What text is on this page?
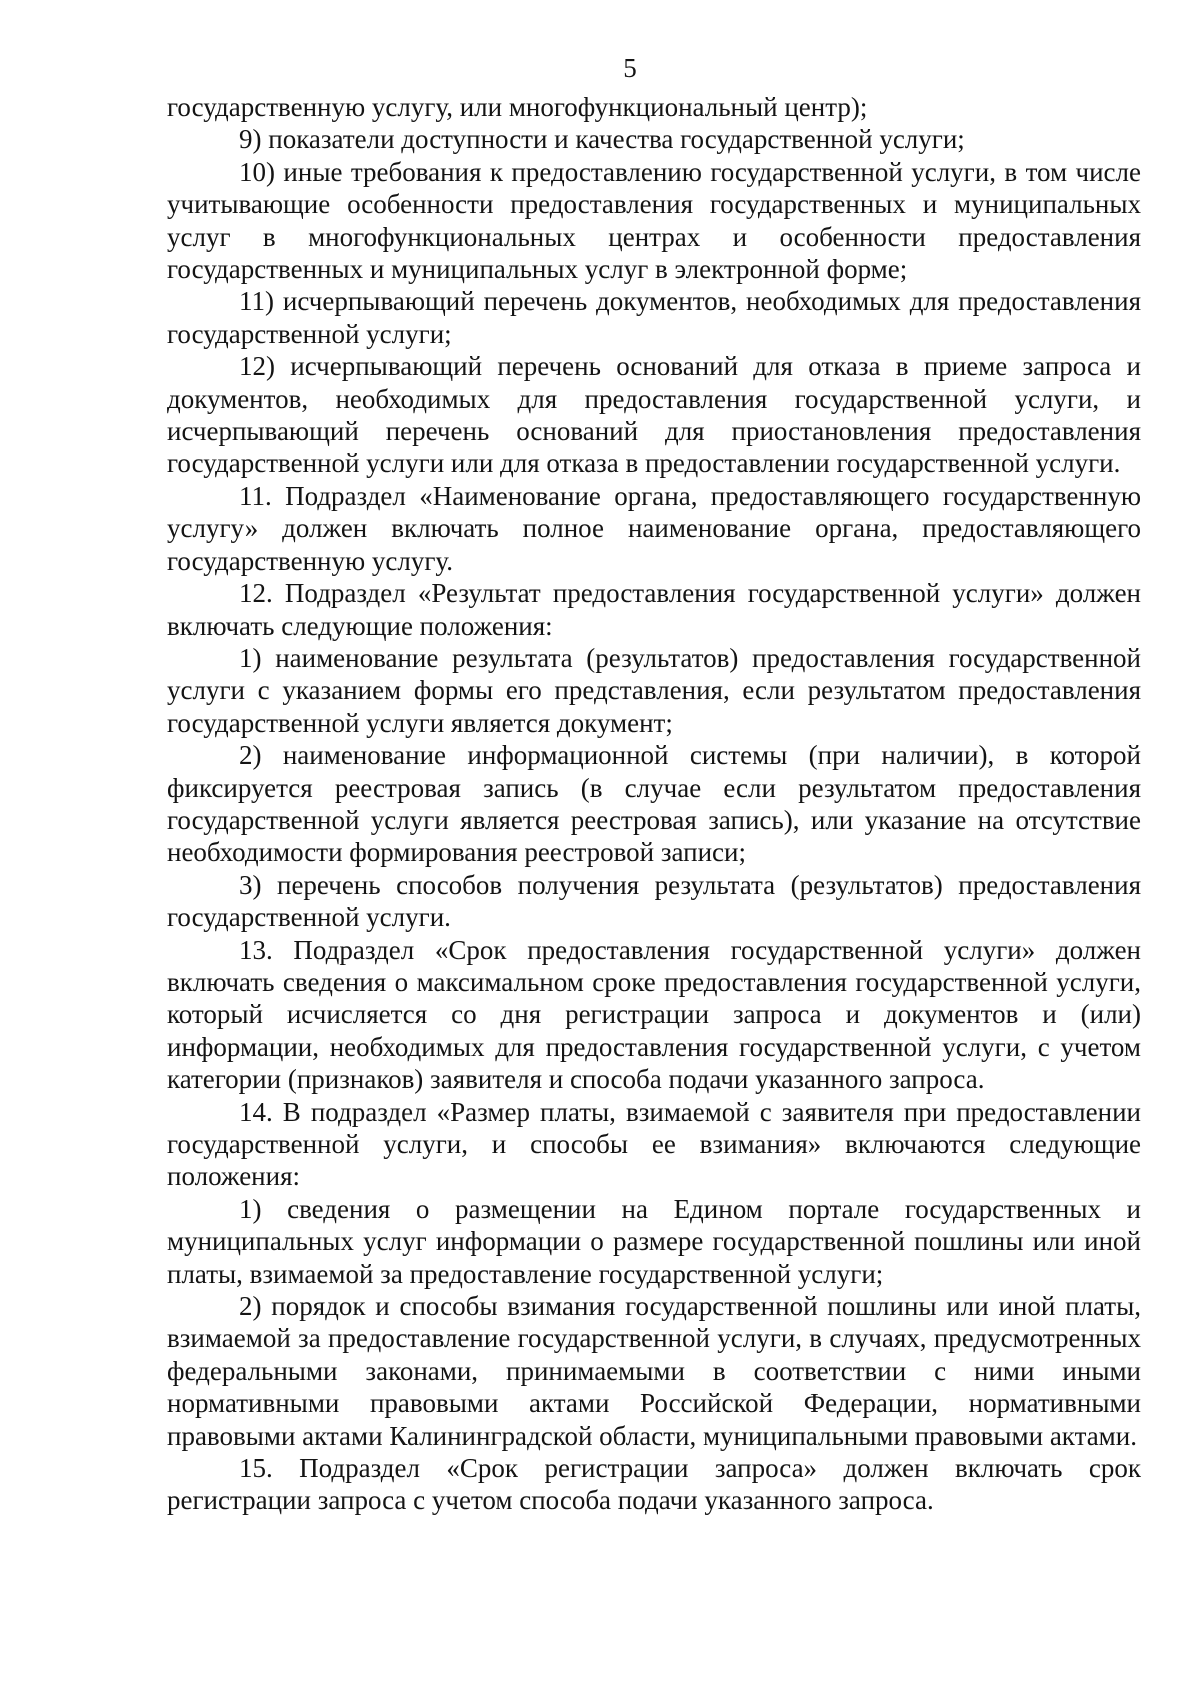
5

государственную услугу, или многофункциональный центр);

9) показатели доступности и качества государственной услуги;

10) иные требования к предоставлению государственной услуги, в том числе учитывающие особенности предоставления государственных и муниципальных услуг в многофункциональных центрах и особенности предоставления государственных и муниципальных услуг в электронной форме;

11) исчерпывающий перечень документов, необходимых для предоставления государственной услуги;

12) исчерпывающий перечень оснований для отказа в приеме запроса и документов, необходимых для предоставления государственной услуги, и исчерпывающий перечень оснований для приостановления предоставления государственной услуги или для отказа в предоставлении государственной услуги.

11. Подраздел «Наименование органа, предоставляющего государственную услугу» должен включать полное наименование органа, предоставляющего государственную услугу.

12. Подраздел «Результат предоставления государственной услуги» должен включать следующие положения:

1) наименование результата (результатов) предоставления государственной услуги с указанием формы его представления, если результатом предоставления государственной услуги является документ;

2) наименование информационной системы (при наличии), в которой фиксируется реестровая запись (в случае если результатом предоставления государственной услуги является реестровая запись), или указание на отсутствие необходимости формирования реестровой записи;

3) перечень способов получения результата (результатов) предоставления государственной услуги.

13. Подраздел «Срок предоставления государственной услуги» должен включать сведения о максимальном сроке предоставления государственной услуги, который исчисляется со дня регистрации запроса и документов и (или) информации, необходимых для предоставления государственной услуги, с учетом категории (признаков) заявителя и способа подачи указанного запроса.

14. В подраздел «Размер платы, взимаемой с заявителя при предоставлении государственной услуги, и способы ее взимания» включаются следующие положения:

1) сведения о размещении на Едином портале государственных и муниципальных услуг информации о размере государственной пошлины или иной платы, взимаемой за предоставление государственной услуги;

2) порядок и способы взимания государственной пошлины или иной платы, взимаемой за предоставление государственной услуги, в случаях, предусмотренных федеральными законами, принимаемыми в соответствии с ними иными нормативными правовыми актами Российской Федерации, нормативными правовыми актами Калининградской области, муниципальными правовыми актами.

15. Подраздел «Срок регистрации запроса» должен включать срок регистрации запроса с учетом способа подачи указанного запроса.
